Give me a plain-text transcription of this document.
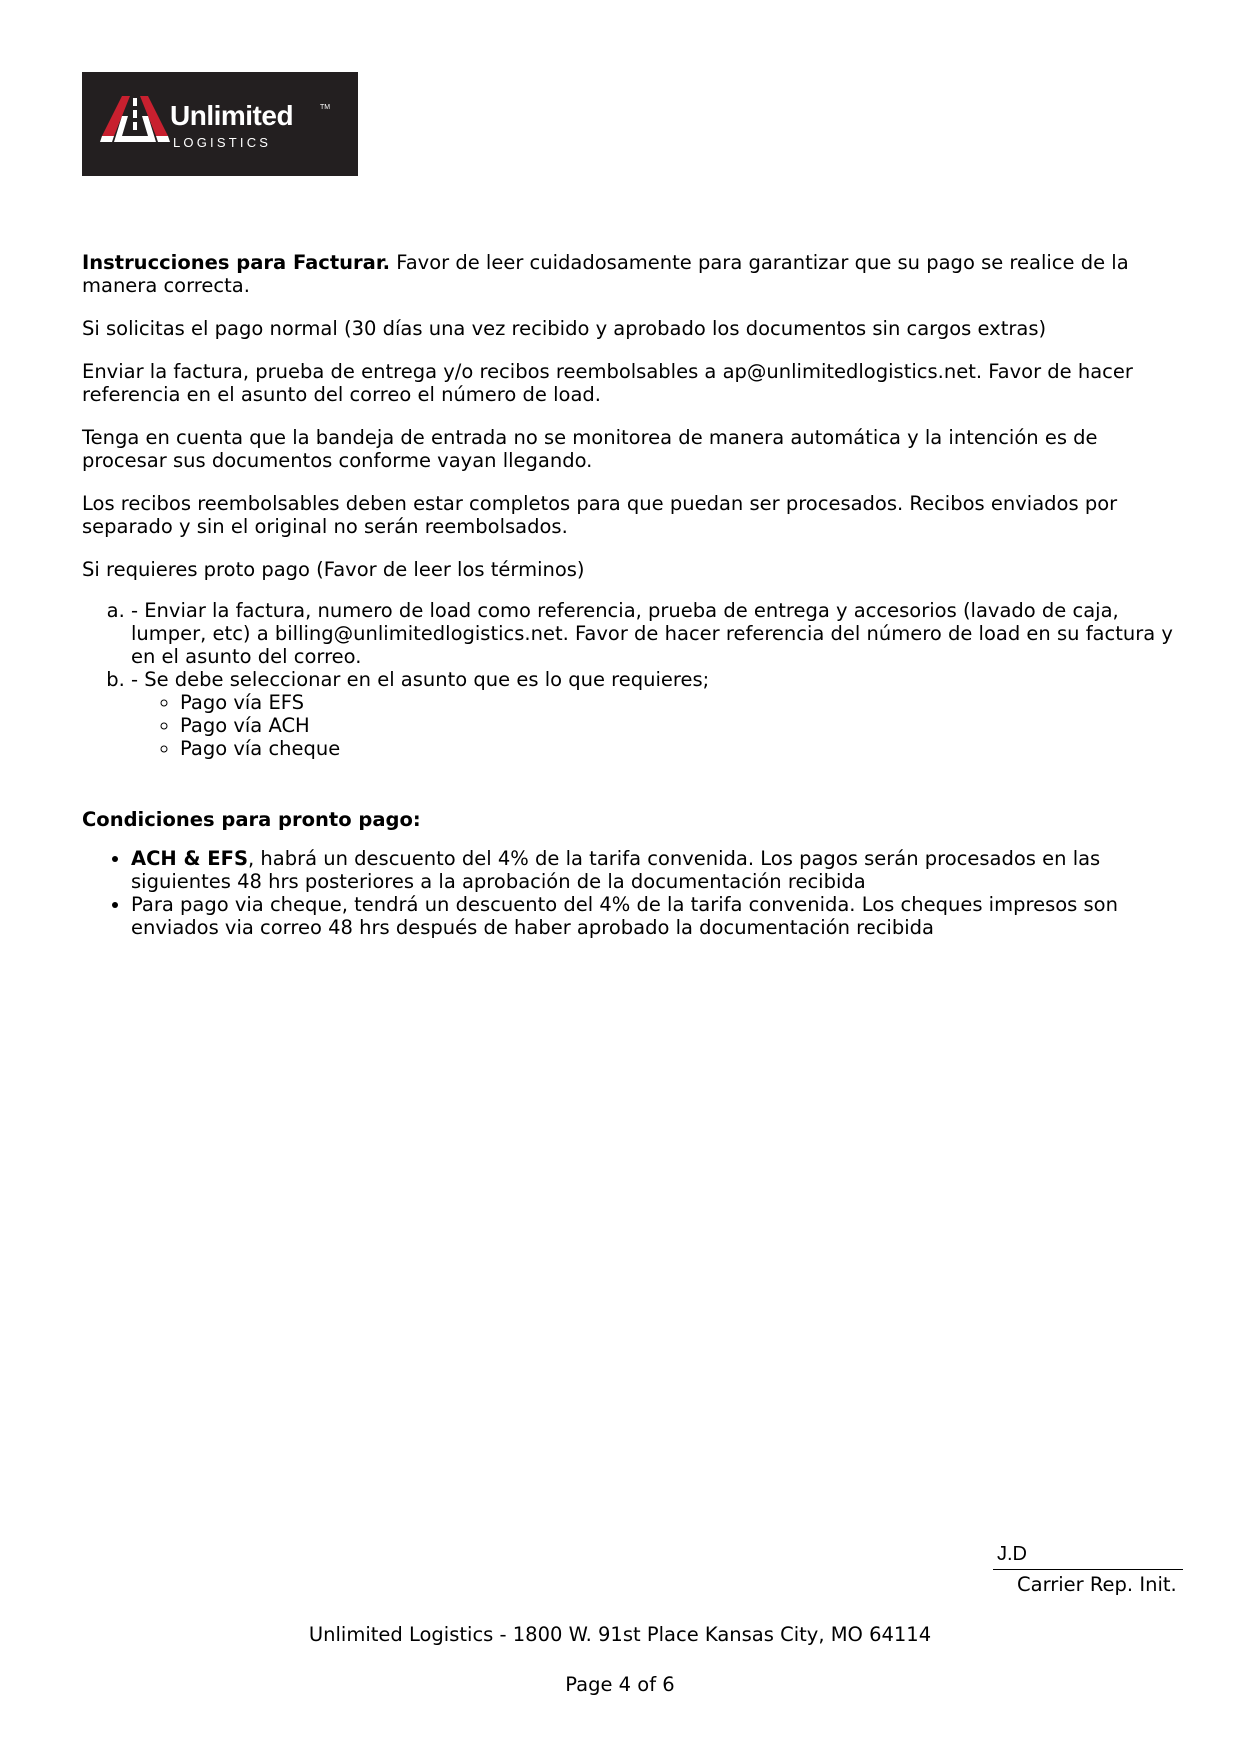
Unlimited	TM
LOGISTICS

Instrucciones para Facturar. Favor de leer cuidadosamente para garantizar que su pago se realice de la manera correcta.

Si solicitas el pago normal (30 días una vez recibido y aprobado los documentos sin cargos extras)

Enviar la factura, prueba de entrega y/o recibos reembolsables a ap@unlimitedlogistics.net. Favor de hacer referencia en el asunto del correo el número de load.

Tenga en cuenta que la bandeja de entrada no se monitorea de manera automática y la intención es de procesar sus documentos conforme vayan llegando.

Los recibos reembolsables deben estar completos para que puedan ser procesados. Recibos enviados por separado y sin el original no serán reembolsados.

Si requieres proto pago (Favor de leer los términos)

a. - Enviar la factura, numero de load como referencia, prueba de entrega y accesorios (lavado de caja, lumper, etc) a billing@unlimitedlogistics.net. Favor de hacer referencia del número de load en su factura y en el asunto del correo.
b. - Se debe seleccionar en el asunto que es lo que requieres;
◦ Pago vía EFS
◦ Pago vía ACH
◦ Pago vía cheque

Condiciones para pronto pago:

• ACH & EFS, habrá un descuento del 4% de la tarifa convenida. Los pagos serán procesados en las siguientes 48 hrs posteriores a la aprobación de la documentación recibida
• Para pago via cheque, tendrá un descuento del 4% de la tarifa convenida. Los cheques impresos son enviados via correo 48 hrs después de haber aprobado la documentación recibida
J.D
Carrier Rep. Init.
Unlimited Logistics - 1800 W. 91st Place Kansas City, MO 64114
Page 4 of 6
